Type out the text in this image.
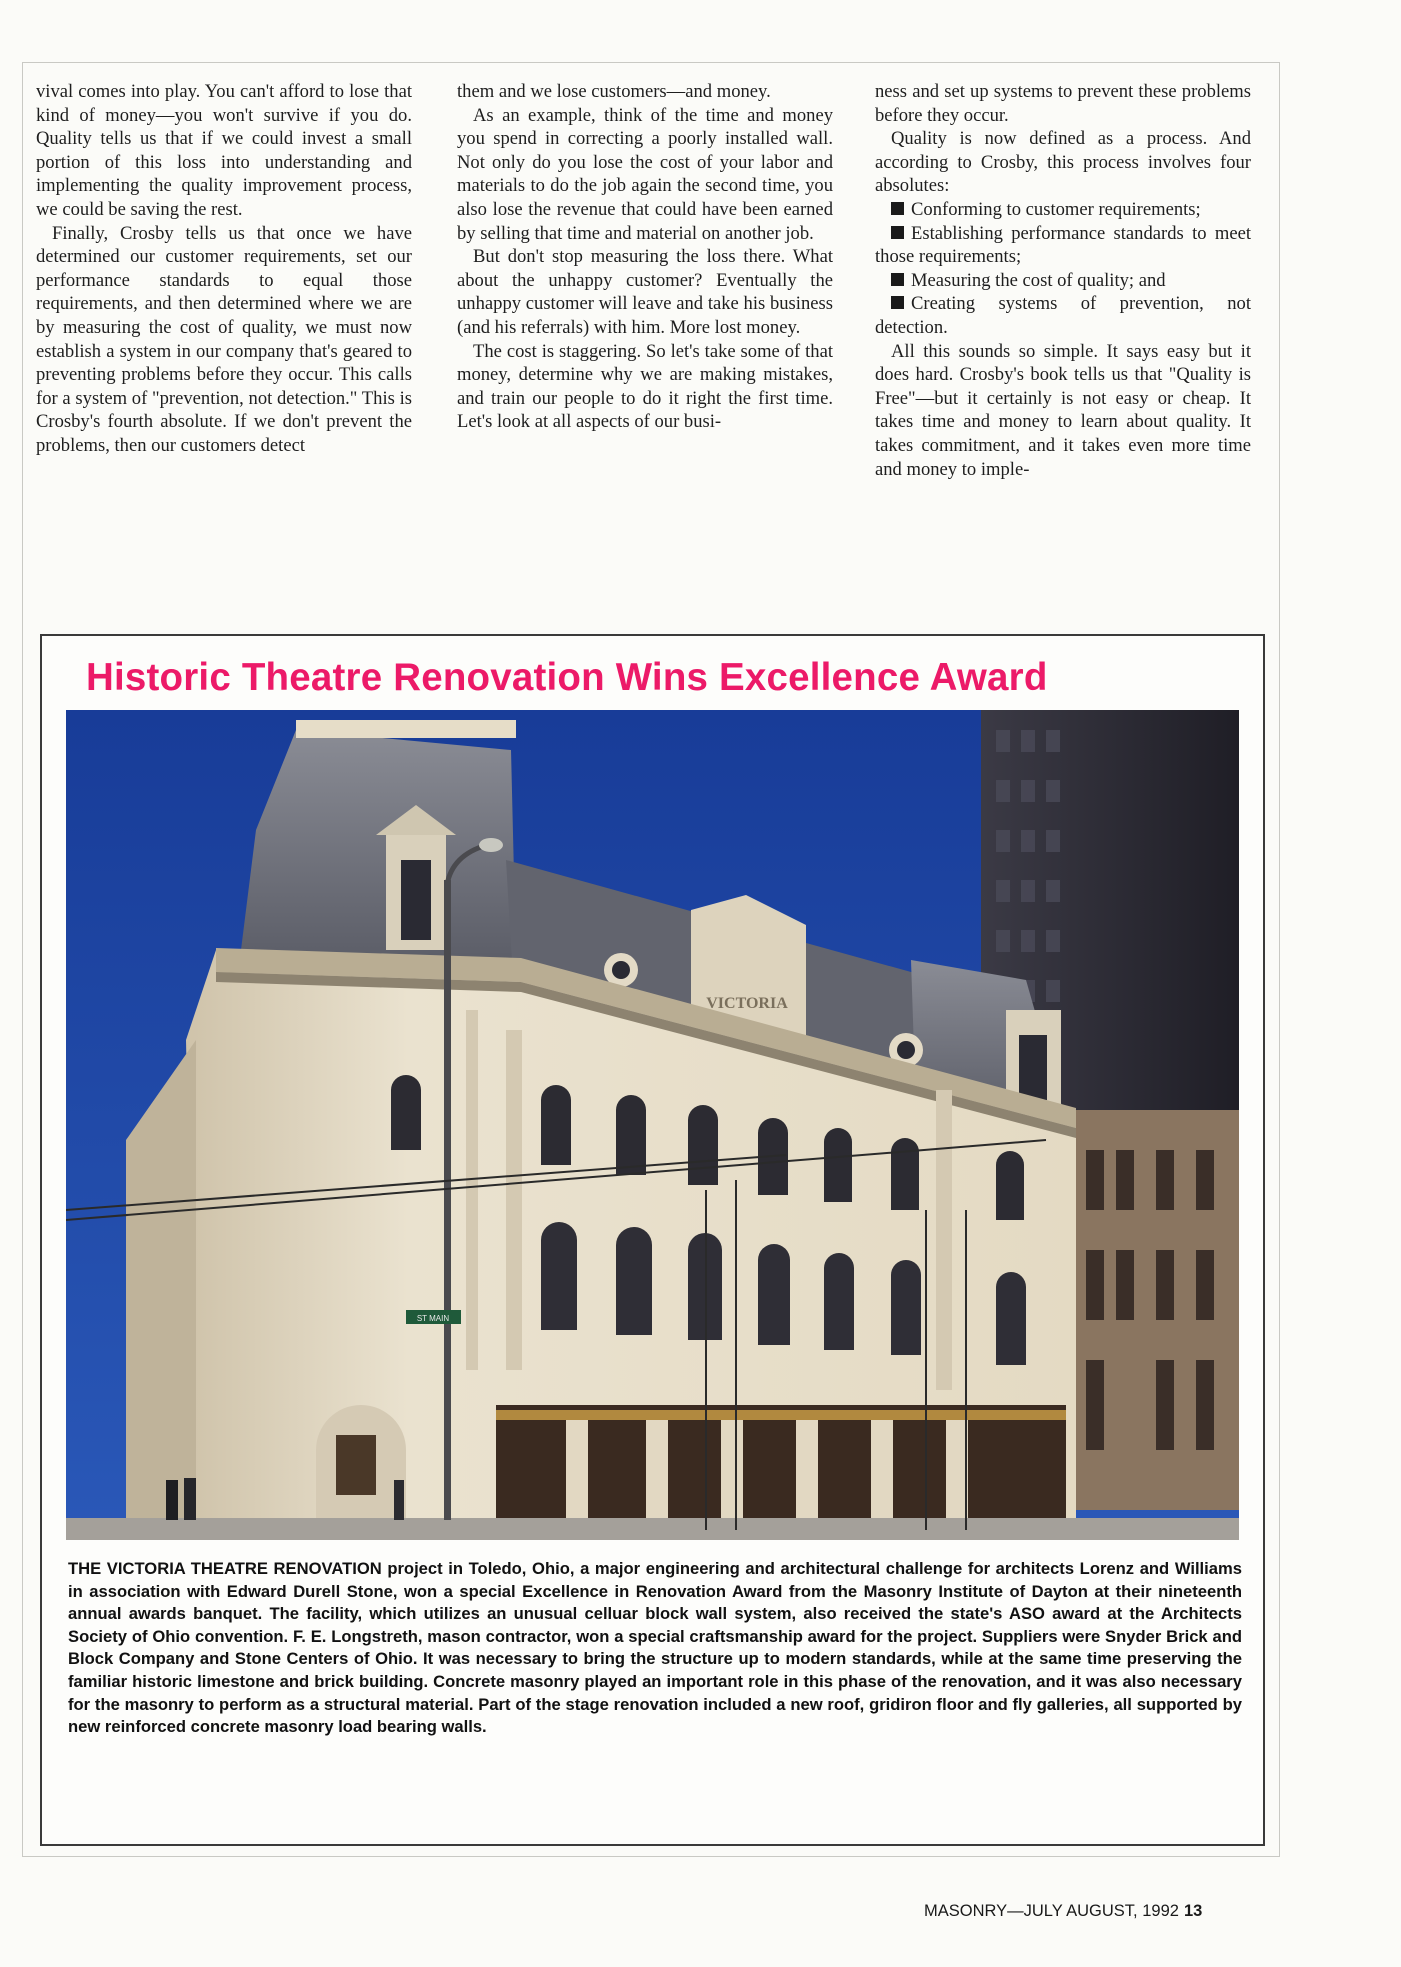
vival comes into play. You can't afford to lose that kind of money—you won't survive if you do. Quality tells us that if we could invest a small portion of this loss into understanding and implementing the quality improvement process, we could be saving the rest.

Finally, Crosby tells us that once we have determined our customer requirements, set our performance standards to equal those requirements, and then determined where we are by measuring the cost of quality, we must now establish a system in our company that's geared to preventing problems before they occur. This calls for a system of "prevention, not detection." This is Crosby's fourth absolute. If we don't prevent the problems, then our customers detect

them and we lose customers—and money.

As an example, think of the time and money you spend in correcting a poorly installed wall. Not only do you lose the cost of your labor and materials to do the job again the second time, you also lose the revenue that could have been earned by selling that time and material on another job.

But don't stop measuring the loss there. What about the unhappy customer? Eventually the unhappy customer will leave and take his business (and his referrals) with him. More lost money.

The cost is staggering. So let's take some of that money, determine why we are making mistakes, and train our people to do it right the first time. Let's look at all aspects of our busi-

ness and set up systems to prevent these problems before they occur.

Quality is now defined as a process. And according to Crosby, this process involves four absolutes:

Conforming to customer requirements;

Establishing performance standards to meet those requirements;

Measuring the cost of quality; and

Creating systems of prevention, not detection.

All this sounds so simple. It says easy but it does hard. Crosby's book tells us that "Quality is Free"—but it certainly is not easy or cheap. It takes time and money to learn about quality. It takes commitment, and it takes even more time and money to imple-

Historic Theatre Renovation Wins Excellence Award
VICTORIA
ST MAIN
THE VICTORIA THEATRE RENOVATION project in Toledo, Ohio, a major engineering and architectural challenge for architects Lorenz and Williams in association with Edward Durell Stone, won a special Excellence in Renovation Award from the Masonry Institute of Dayton at their nineteenth annual awards banquet. The facility, which utilizes an unusual celluar block wall system, also received the state's ASO award at the Architects Society of Ohio convention. F. E. Longstreth, mason contractor, won a special craftsmanship award for the project. Suppliers were Snyder Brick and Block Company and Stone Centers of Ohio. It was necessary to bring the structure up to modern standards, while at the same time preserving the familiar historic limestone and brick building. Concrete masonry played an important role in this phase of the renovation, and it was also necessary for the masonry to perform as a structural material. Part of the stage renovation included a new roof, gridiron floor and fly galleries, all supported by new reinforced concrete masonry load bearing walls.
MASONRY—JULY AUGUST, 1992 13
